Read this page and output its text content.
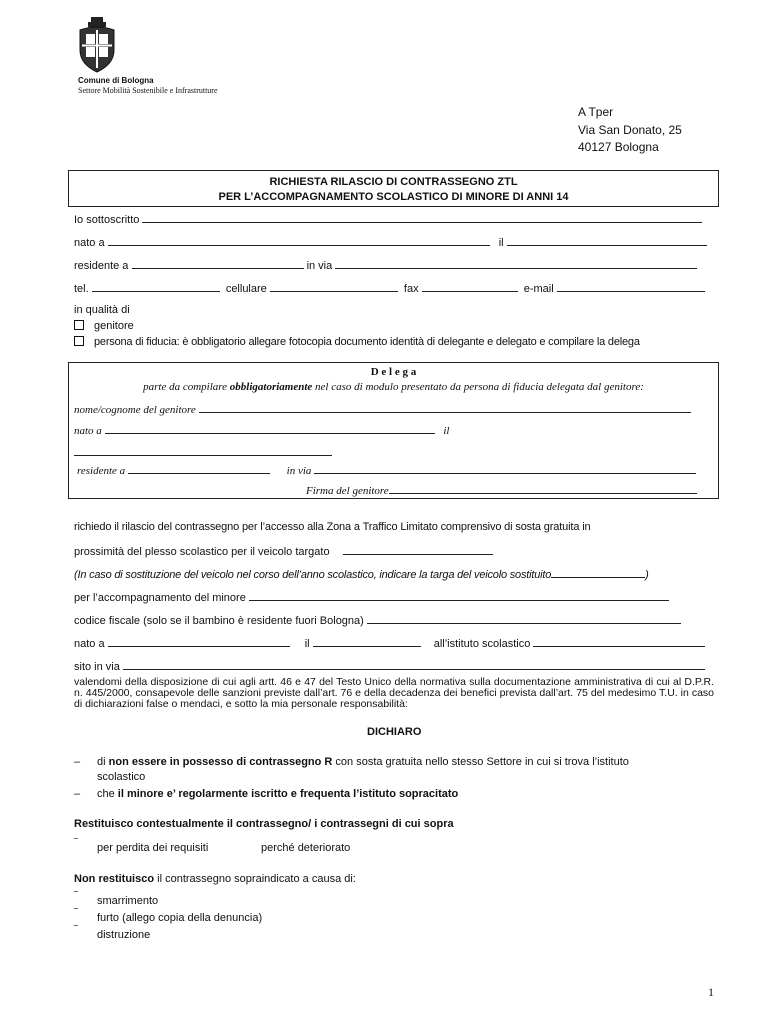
Comune di Bologna
Settore Mobilità Sostenibile e Infrastrutture
A Tper
Via San Donato, 25
40127 Bologna
RICHIESTA RILASCIO DI CONTRASSEGNO ZTL
PER L’ACCOMPAGNAMENTO SCOLASTICO DI MINORE DI ANNI 14
Io sottoscritto
nato a	il
residente a	in via
tel.	cellulare	fax	e-mail
in qualità di
genitore
persona di fiducia: è obbligatorio allegare fotocopia documento identità di delegante e delegato e compilare la delega
D e l e g a
parte da compilare obbligatoriamente nel caso di modulo presentato da persona di fiducia delegata dal genitore:
nome/cognome del genitore
nato a	il
residente a	in via
Firma del genitore
richiedo il rilascio del contrassegno per l’accesso alla Zona a Traffico Limitato comprensivo di sosta gratuita in
prossimità del plesso scolastico per il veicolo targato
(In caso di sostituzione del veicolo nel corso dell’anno scolastico, indicare la targa del veicolo sostituito	)
per l’accompagnamento del minore
codice fiscale (solo se il bambino è residente fuori Bologna)
nato a	il	all’istituto scolastico
sito in via
valendomi della disposizione di cui agli artt. 46 e 47 del Testo Unico della normativa sulla documentazione amministrativa di cui al D.P.R. n. 445/2000, consapevole delle sanzioni previste dall’art. 76 e della decadenza dei benefici prevista dall’art. 75 del medesimo T.U. in caso di dichiarazioni false o mendaci, e sotto la mia personale responsabilità:
DICHIARO
– di non essere in possesso di contrassegno R con sosta gratuita nello stesso Settore in cui si trova l’istituto
scolastico
– che il minore e’ regolarmente iscritto e frequenta l’istituto sopracitato
Restituisco contestualmente il contrassegno/ i contrassegni di cui sopra
‾ per perdita dei requisiti	perché deteriorato
Non restituisco il contrassegno sopraindicato a causa di:
‾ smarrimento
‾ furto (allego copia della denuncia)
‾ distruzione
1
